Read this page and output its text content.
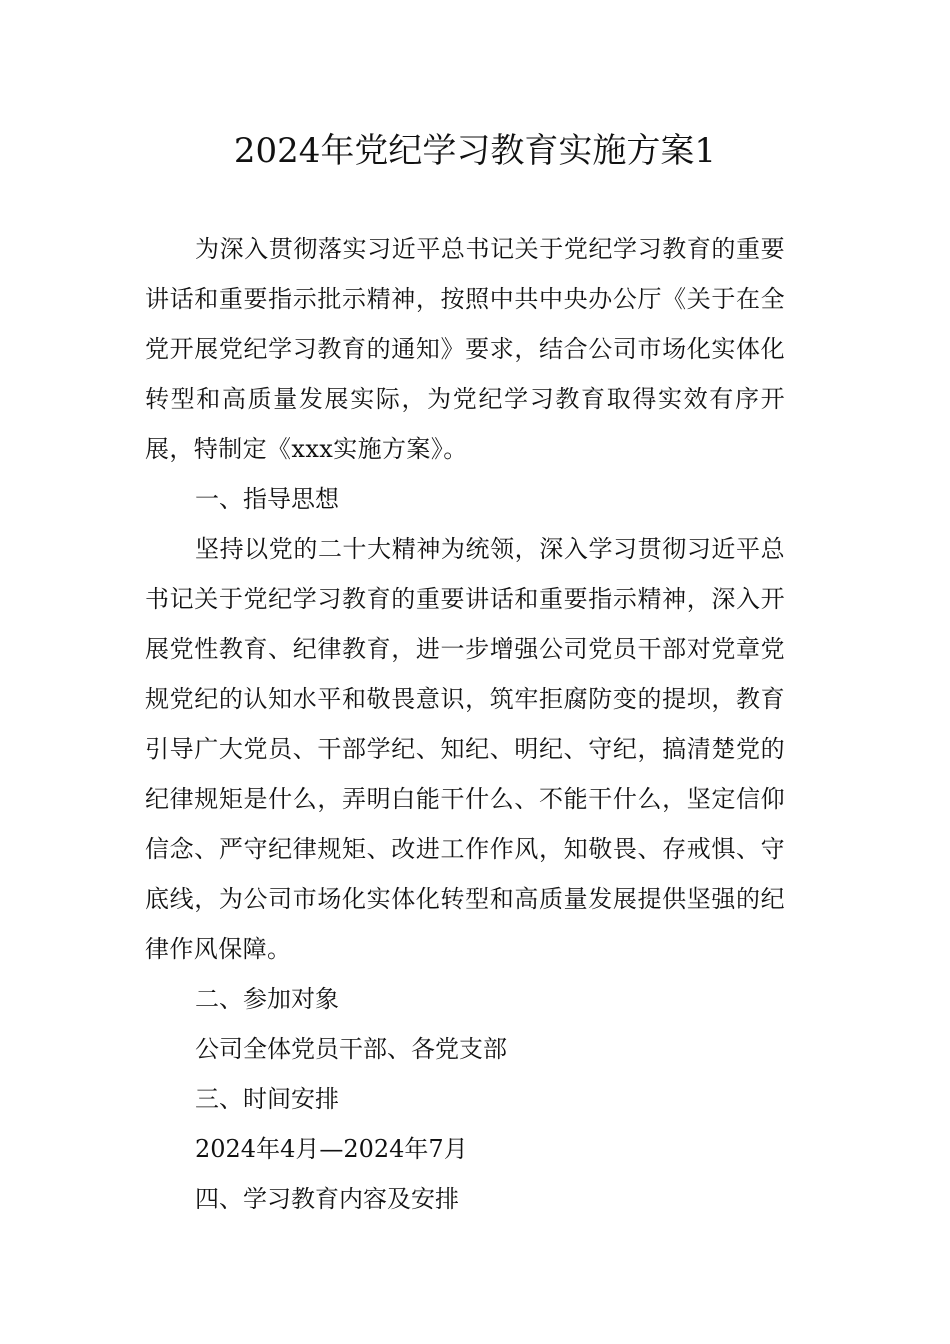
2024年党纪学习教育实施方案1

为深入贯彻落实习近平总书记关于党纪学习教育的重要讲话和重要指示批示精神，按照中共中央办公厅《关于在全党开展党纪学习教育的通知》要求，结合公司市场化实体化转型和高质量发展实际，为党纪学习教育取得实效有序开展，特制定《xxx实施方案》。

一、指导思想

坚持以党的二十大精神为统领，深入学习贯彻习近平总书记关于党纪学习教育的重要讲话和重要指示精神，深入开展党性教育、纪律教育，进一步增强公司党员干部对党章党规党纪的认知水平和敬畏意识，筑牢拒腐防变的提坝，教育引导广大党员、干部学纪、知纪、明纪、守纪，搞清楚党的纪律规矩是什么，弄明白能干什么、不能干什么，坚定信仰信念、严守纪律规矩、改进工作作风，知敬畏、存戒惧、守底线，为公司市场化实体化转型和高质量发展提供坚强的纪律作风保障。

二、参加对象

公司全体党员干部、各党支部

三、时间安排

2024年4月—2024年7月

四、学习教育内容及安排
